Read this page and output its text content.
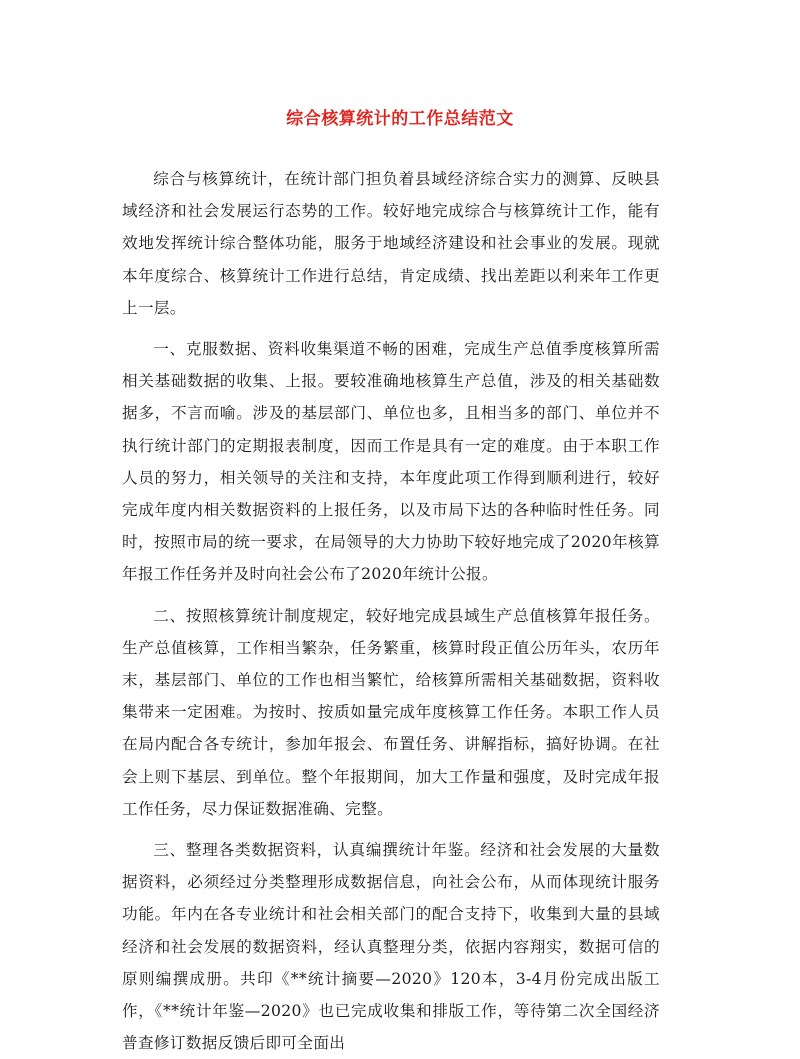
综合核算统计的工作总结范文

综合与核算统计，在统计部门担负着县域经济综合实力的测算、反映县域经济和社会发展运行态势的工作。较好地完成综合与核算统计工作，能有效地发挥统计综合整体功能，服务于地域经济建设和社会事业的发展。现就本年度综合、核算统计工作进行总结，肯定成绩、找出差距以利来年工作更上一层。

一、克服数据、资料收集渠道不畅的困难，完成生产总值季度核算所需相关基础数据的收集、上报。要较准确地核算生产总值，涉及的相关基础数据多，不言而喻。涉及的基层部门、单位也多，且相当多的部门、单位并不执行统计部门的定期报表制度，因而工作是具有一定的难度。由于本职工作人员的努力，相关领导的关注和支持，本年度此项工作得到顺利进行，较好完成年度内相关数据资料的上报任务，以及市局下达的各种临时性任务。同时，按照市局的统一要求，在局领导的大力协助下较好地完成了2020年核算年报工作任务并及时向社会公布了2020年统计公报。

二、按照核算统计制度规定，较好地完成县域生产总值核算年报任务。生产总值核算，工作相当繁杂，任务繁重，核算时段正值公历年头，农历年末，基层部门、单位的工作也相当繁忙，给核算所需相关基础数据，资料收集带来一定困难。为按时、按质如量完成年度核算工作任务。本职工作人员在局内配合各专统计，参加年报会、布置任务、讲解指标，搞好协调。在社会上则下基层、到单位。整个年报期间，加大工作量和强度，及时完成年报工作任务，尽力保证数据准确、完整。

三、整理各类数据资料，认真编撰统计年鉴。经济和社会发展的大量数据资料，必须经过分类整理形成数据信息，向社会公布，从而体现统计服务功能。年内在各专业统计和社会相关部门的配合支持下，收集到大量的县域经济和社会发展的数据资料，经认真整理分类，依据内容翔实，数据可信的原则编撰成册。共印《**统计摘要—2020》120本，3-4月份完成出版工作，《**统计年鉴—2020》也已完成收集和排版工作，等待第二次全国经济普查修订数据反馈后即可全面出
